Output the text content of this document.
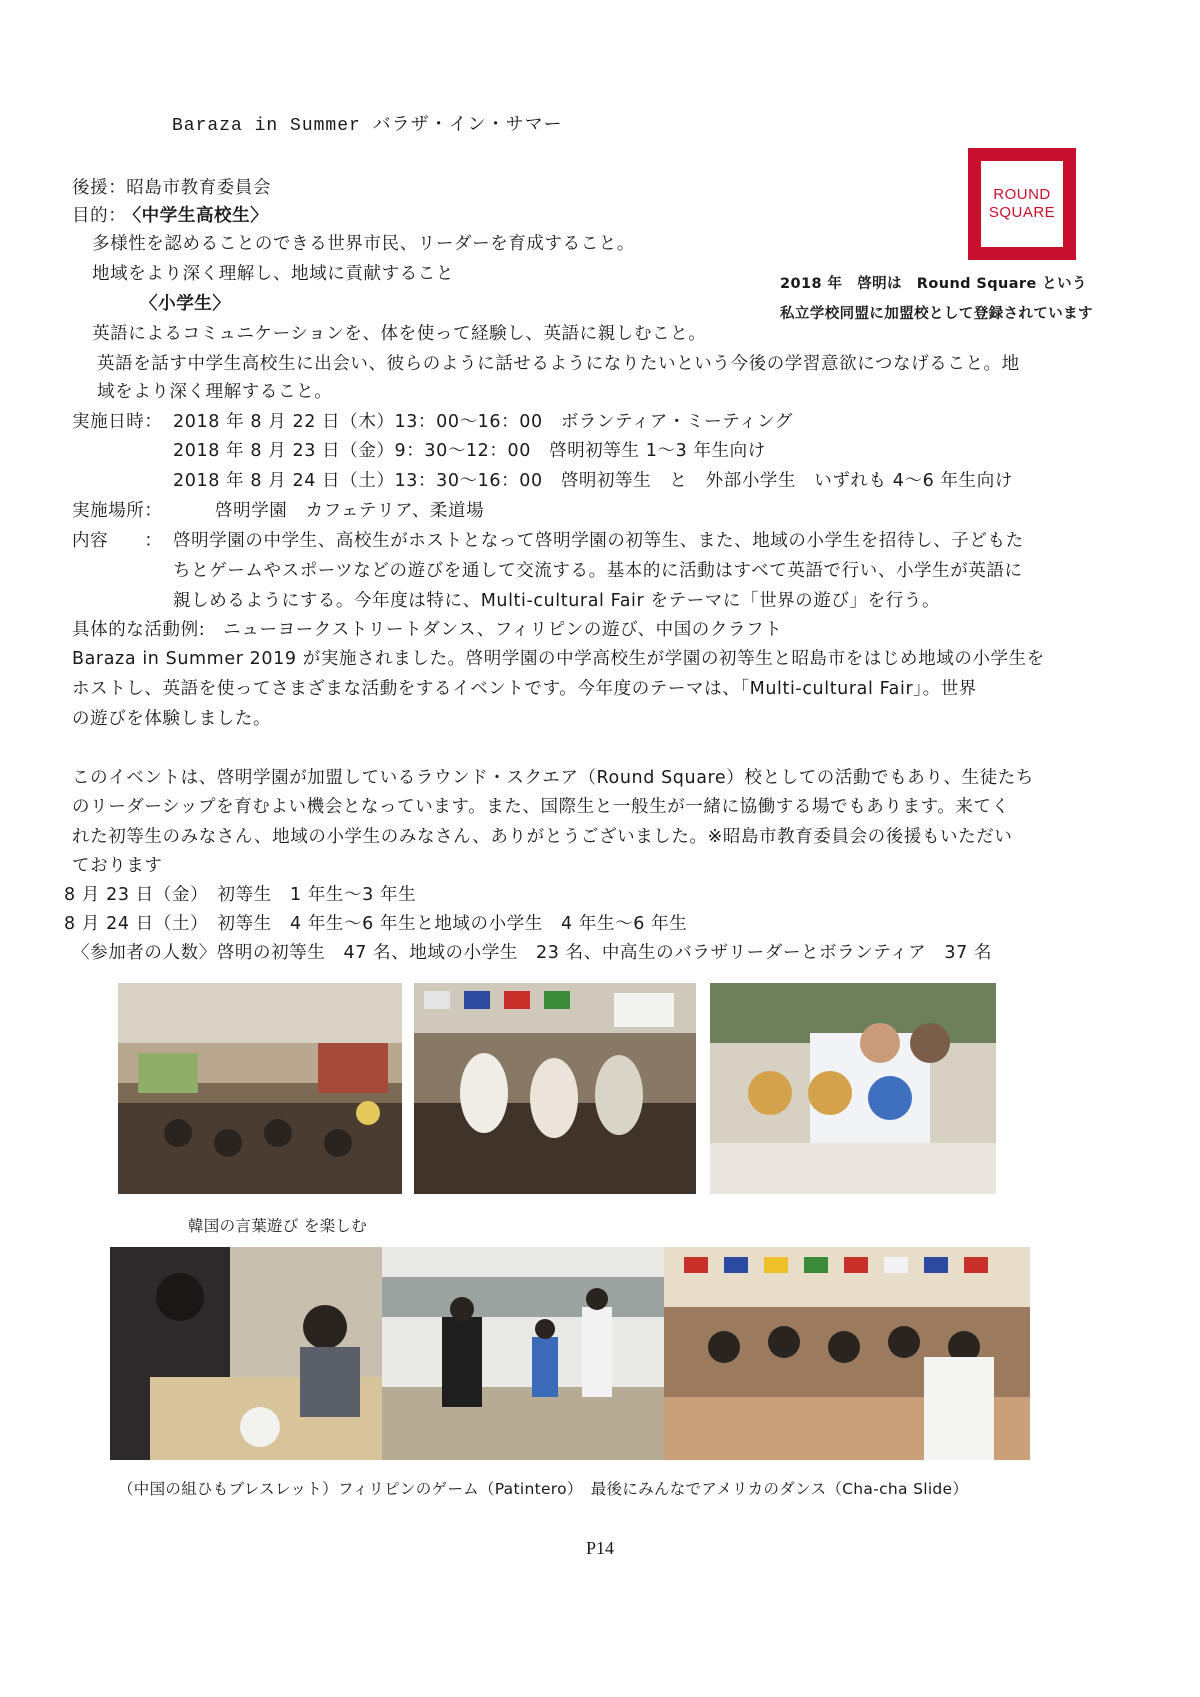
Baraza in Summer バラザ・イン・サマー
ROUND
SQUARE
2018 年　啓明は　Round Square という
私立学校同盟に加盟校として登録されています
後援：昭島市教育委員会
目的： 〈中学生高校生〉
多様性を認めることのできる世界市民、リーダーを育成すること。
地域をより深く理解し、地域に貢献すること
〈小学生〉
英語によるコミュニケーションを、体を使って経験し、英語に親しむこと。
英語を話す中学生高校生に出会い、彼らのように話せるようになりたいという今後の学習意欲につなげること。地
域をより深く理解すること。
実施日時： 2018 年 8 月 22 日（木）13：00～16：00　ボランティア・ミーティング
2018 年 8 月 23 日（金）9：30～12：00　啓明初等生 1～3 年生向け
2018 年 8 月 24 日（土）13：30～16：00　啓明初等生　と　外部小学生　いずれも 4～6 年生向け
実施場所：	啓明学園　カフェテリア、柔道場
内容　　： 啓明学園の中学生、高校生がホストとなって啓明学園の初等生、また、地域の小学生を招待し、子どもた
ちとゲームやスポーツなどの遊びを通して交流する。基本的に活動はすべて英語で行い、小学生が英語に
親しめるようにする。今年度は特に、Multi-cultural Fair をテーマに「世界の遊び」を行う。
具体的な活動例:　ニューヨークストリートダンス、フィリピンの遊び、中国のクラフト
Baraza in Summer 2019 が実施されました。啓明学園の中学高校生が学園の初等生と昭島市をはじめ地域の小学生を
ホストし、英語を使ってさまざまな活動をするイベントです。今年度のテーマは、「Multi-cultural Fair」。世界
の遊びを体験しました。
このイベントは、啓明学園が加盟しているラウンド・スクエア（Round Square）校としての活動でもあり、生徒たち
のリーダーシップを育むよい機会となっています。また、国際生と一般生が一緒に協働する場でもあります。来てく
れた初等生のみなさん、地域の小学生のみなさん、ありがとうございました。※昭島市教育委員会の後援もいただい
ております
8 月 23 日（金）　初等生　1 年生～3 年生
8 月 24 日（土）　初等生　4 年生～6 年生と地域の小学生　4 年生～6 年生
〈参加者の人数〉啓明の初等生　47 名、地域の小学生　23 名、中高生のバラザリーダーとボランティア　37 名
韓国の言葉遊び を楽しむ
（中国の組ひもブレスレット）フィリピンのゲーム（Patintero）　最後にみんなでアメリカのダンス（Cha-cha Slide）
P14
